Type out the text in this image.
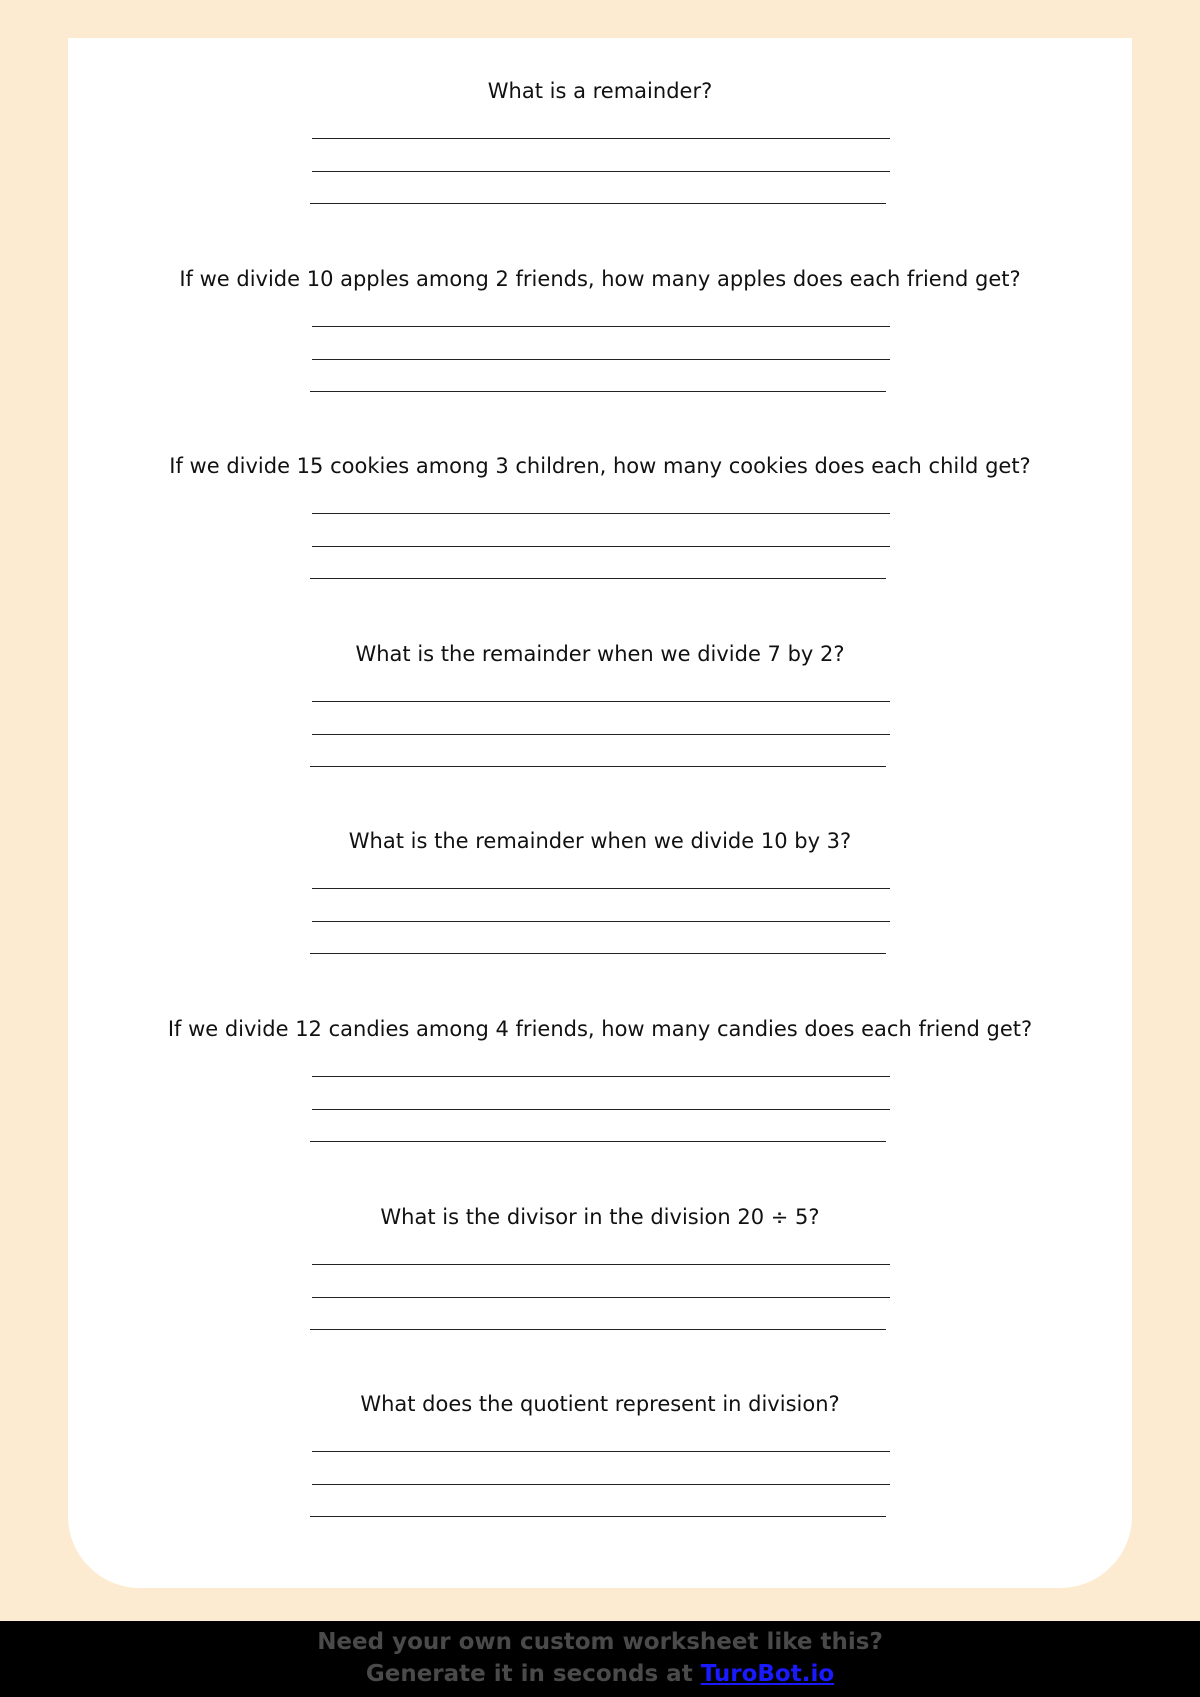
What is a remainder?

If we divide 10 apples among 2 friends, how many apples does each friend get?

If we divide 15 cookies among 3 children, how many cookies does each child get?

What is the remainder when we divide 7 by 2?

What is the remainder when we divide 10 by 3?

If we divide 12 candies among 4 friends, how many candies does each friend get?

What is the divisor in the division 20 ÷ 5?

What does the quotient represent in division?

Need your own custom worksheet like this?
Generate it in seconds at TuroBot.io
